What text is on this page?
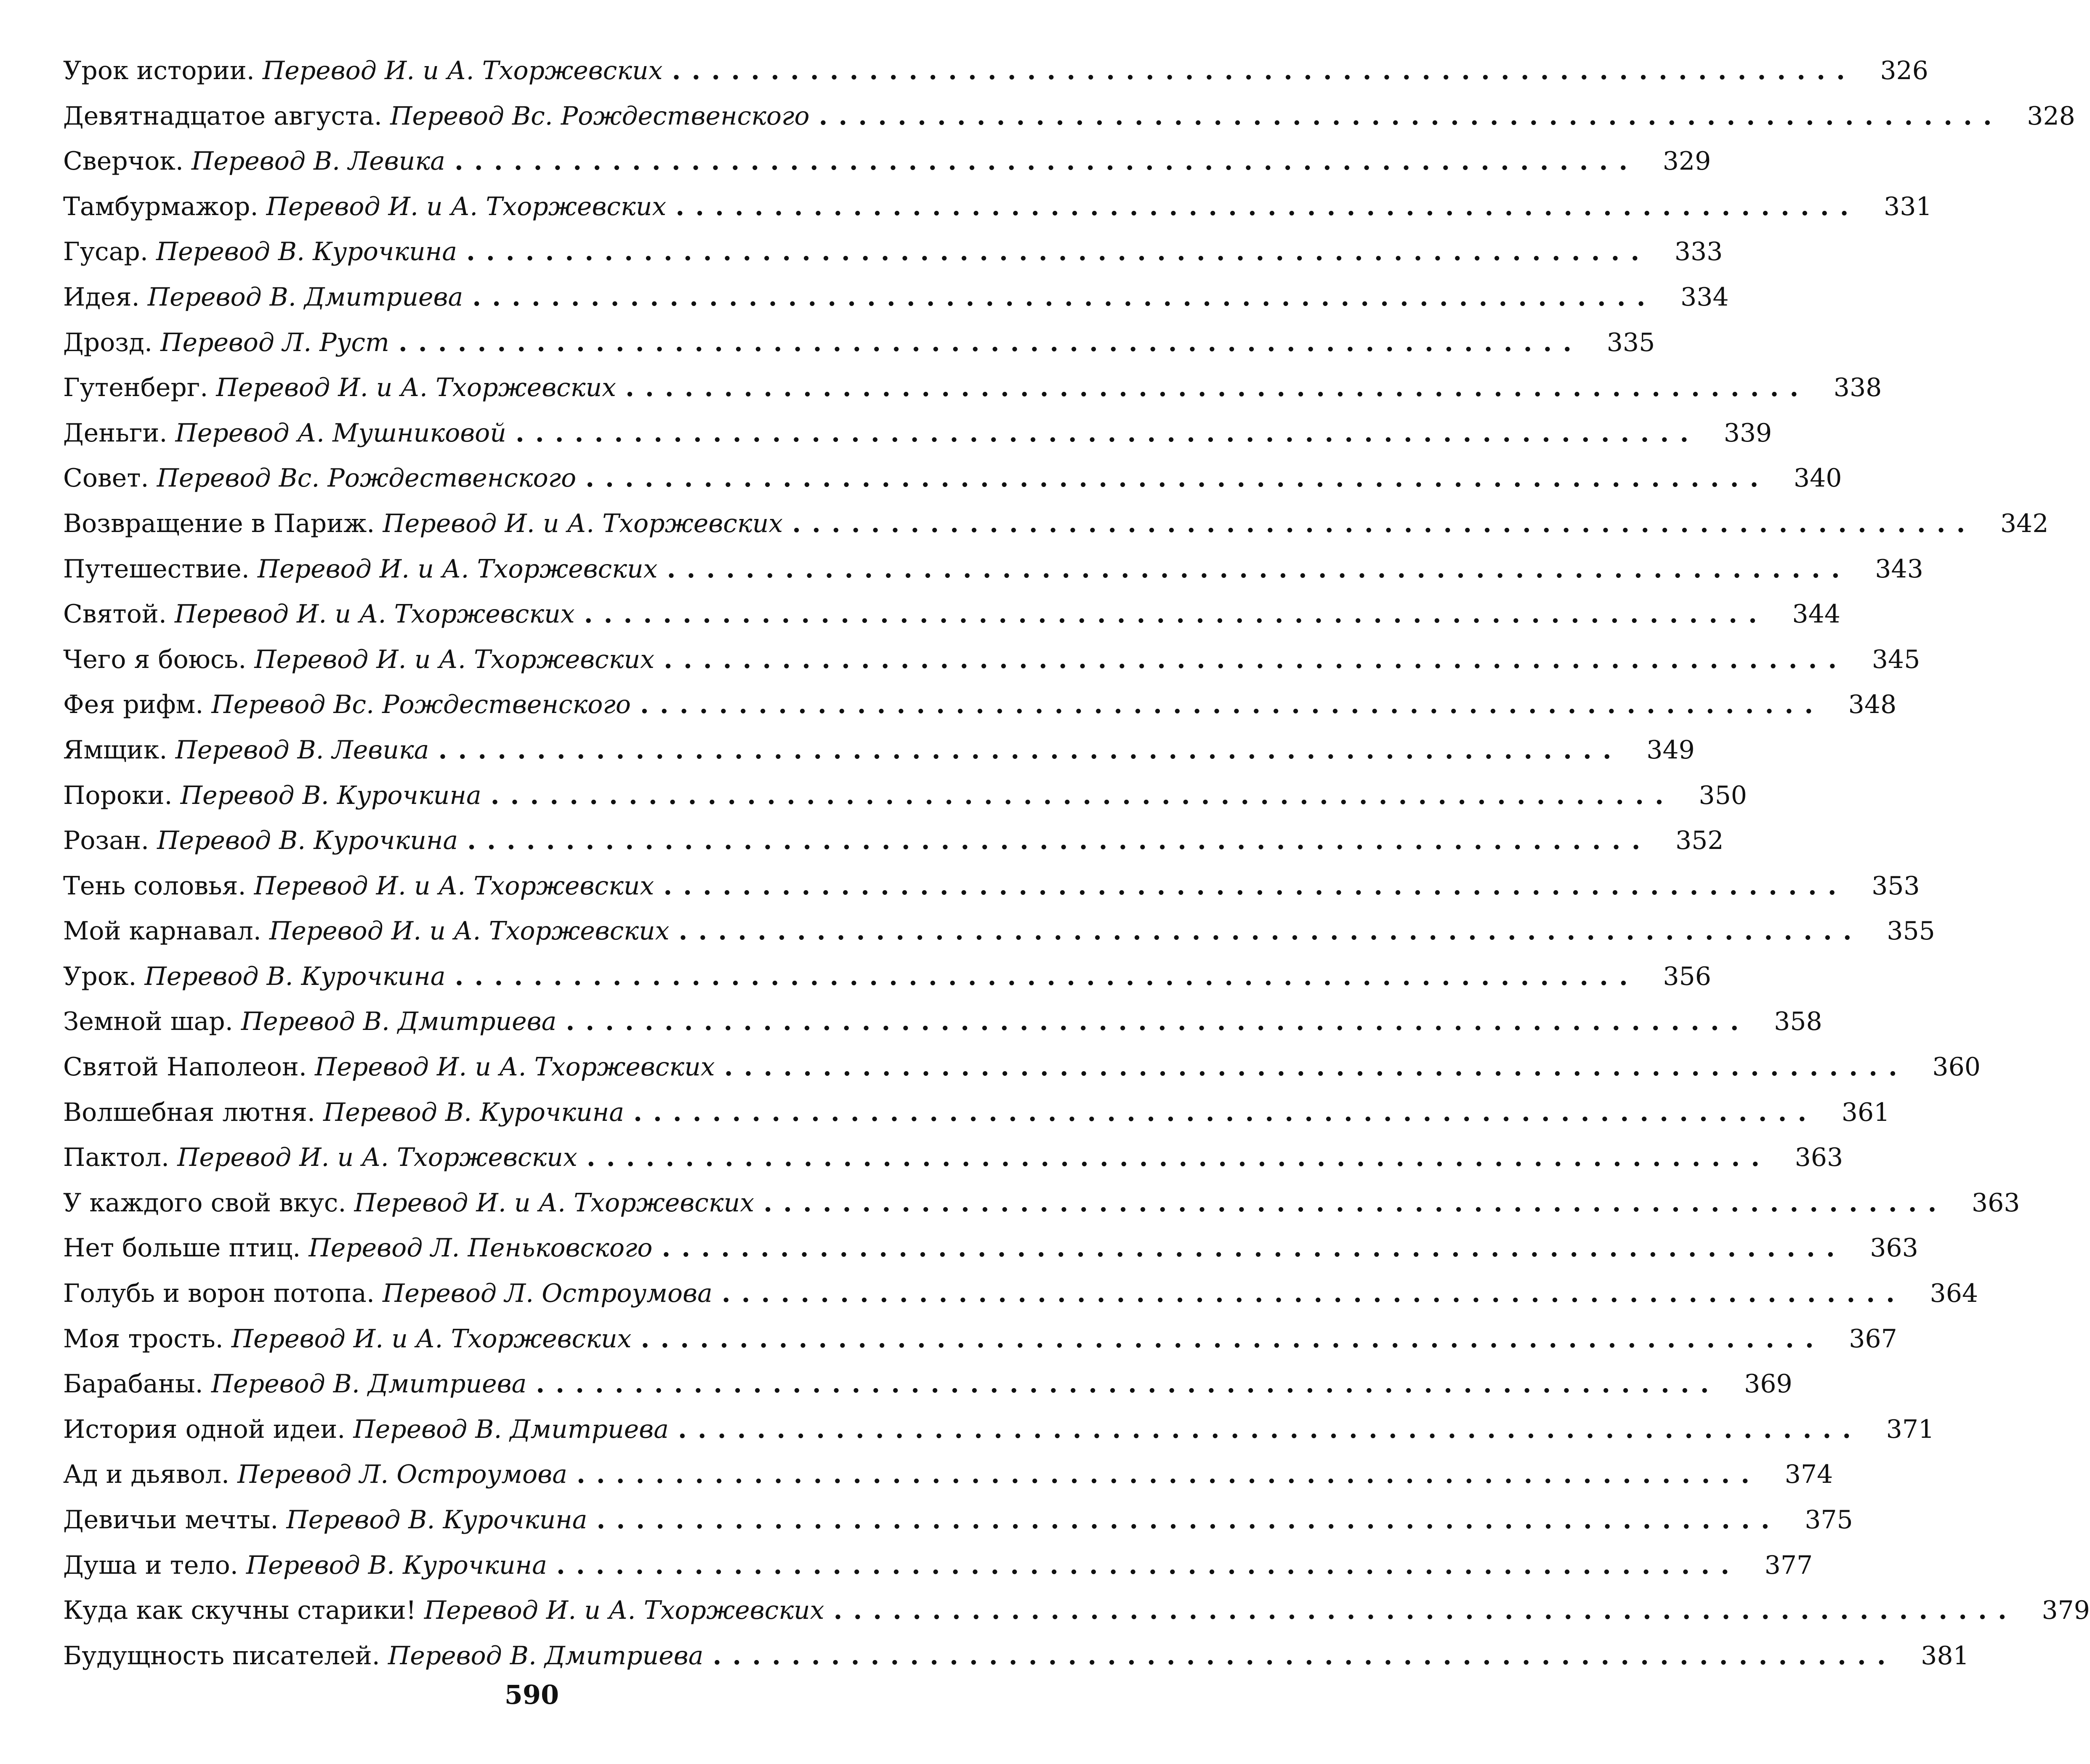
Урок истории.
Перевод И. и А. Тхоржевских ............................................................ 326
Девятнадцатое августа.
Перевод Вс. Рождественского ............................................................ 328
Сверчок.
Перевод В. Левика ............................................................ 329
Тамбурмажор.
Перевод И. и А. Тхоржевских ............................................................ 331
Гусар.
Перевод В. Курочкина ............................................................ 333
Идея.
Перевод В. Дмитриева ............................................................ 334
Дрозд.
Перевод Л. Руст ............................................................ 335
Гутенберг.
Перевод И. и А. Тхоржевских ............................................................ 338
Деньги.
Перевод А. Мушниковой ............................................................ 339
Совет.
Перевод Вс. Рождественского ............................................................ 340
Возвращение в Париж.
Перевод И. и А. Тхоржевских ............................................................ 342
Путешествие.
Перевод И. и А. Тхоржевских ............................................................ 343
Святой.
Перевод И. и А. Тхоржевских ............................................................ 344
Чего я боюсь.
Перевод И. и А. Тхоржевских ............................................................ 345
Фея рифм.
Перевод Вс. Рождественского ............................................................ 348
Ямщик.
Перевод В. Левика ............................................................ 349
Пороки.
Перевод В. Курочкина ............................................................ 350
Розан.
Перевод В. Курочкина ............................................................ 352
Тень соловья.
Перевод И. и А. Тхоржевских ............................................................ 353
Мой карнавал.
Перевод И. и А. Тхоржевских ............................................................ 355
Урок.
Перевод В. Курочкина ............................................................ 356
Земной шар.
Перевод В. Дмитриева ............................................................ 358
Святой Наполеон.
Перевод И. и А. Тхоржевских ............................................................ 360
Волшебная лютня.
Перевод В. Курочкина ............................................................ 361
Пактол.
Перевод И. и А. Тхоржевских ............................................................ 363
У каждого свой вкус.
Перевод И. и А. Тхоржевских ............................................................ 363
Нет больше птиц.
Перевод Л. Пеньковского ............................................................ 363
Голубь и ворон потопа.
Перевод Л. Остроумова ............................................................ 364
Моя трость.
Перевод И. и А. Тхоржевских ............................................................ 367
Барабаны.
Перевод В. Дмитриева ............................................................ 369
История одной идеи.
Перевод В. Дмитриева ............................................................ 371
Ад и дьявол.
Перевод Л. Остроумова ............................................................ 374
Девичьи мечты.
Перевод В. Курочкина ............................................................ 375
Душа и тело.
Перевод В. Курочкина ............................................................ 377
Куда как скучны старики!
Перевод И. и А. Тхоржевских ............................................................ 379
Будущность писателей.
Перевод В. Дмитриева ............................................................ 381
590
